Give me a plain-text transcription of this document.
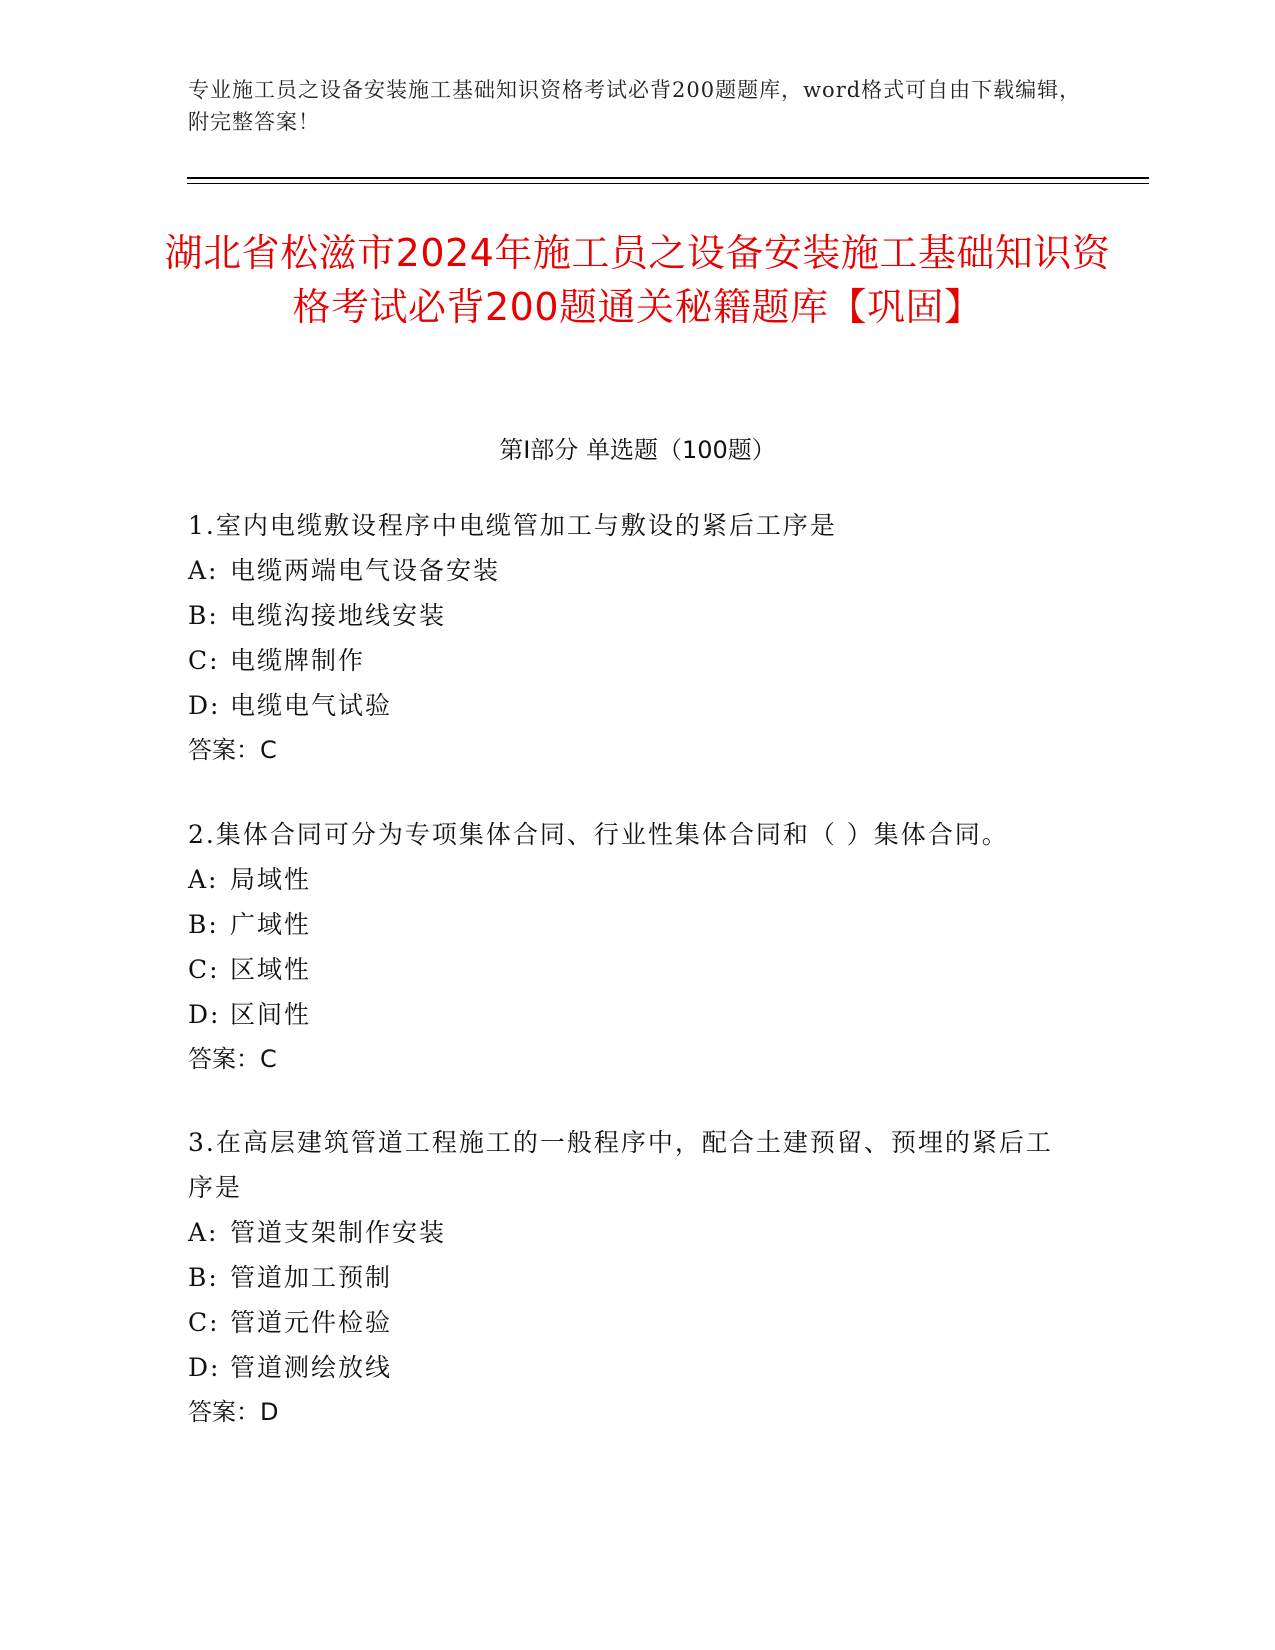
专业施工员之设备安装施工基础知识资格考试必背200题题库，word格式可自由下载编辑，附完整答案！
湖北省松滋市2024年施工员之设备安装施工基础知识资格考试必背200题通关秘籍题库【巩固】
第Ⅰ部分 单选题（100题）
1.室内电缆敷设程序中电缆管加工与敷设的紧后工序是
A: 电缆两端电气设备安装
B: 电缆沟接地线安装
C: 电缆牌制作
D: 电缆电气试验
答案：C
2.集体合同可分为专项集体合同、行业性集体合同和（ ）集体合同。
A: 局域性
B: 广域性
C: 区域性
D: 区间性
答案：C
3.在高层建筑管道工程施工的一般程序中，配合土建预留、预埋的紧后工序是
A: 管道支架制作安装
B: 管道加工预制
C: 管道元件检验
D: 管道测绘放线
答案：D
